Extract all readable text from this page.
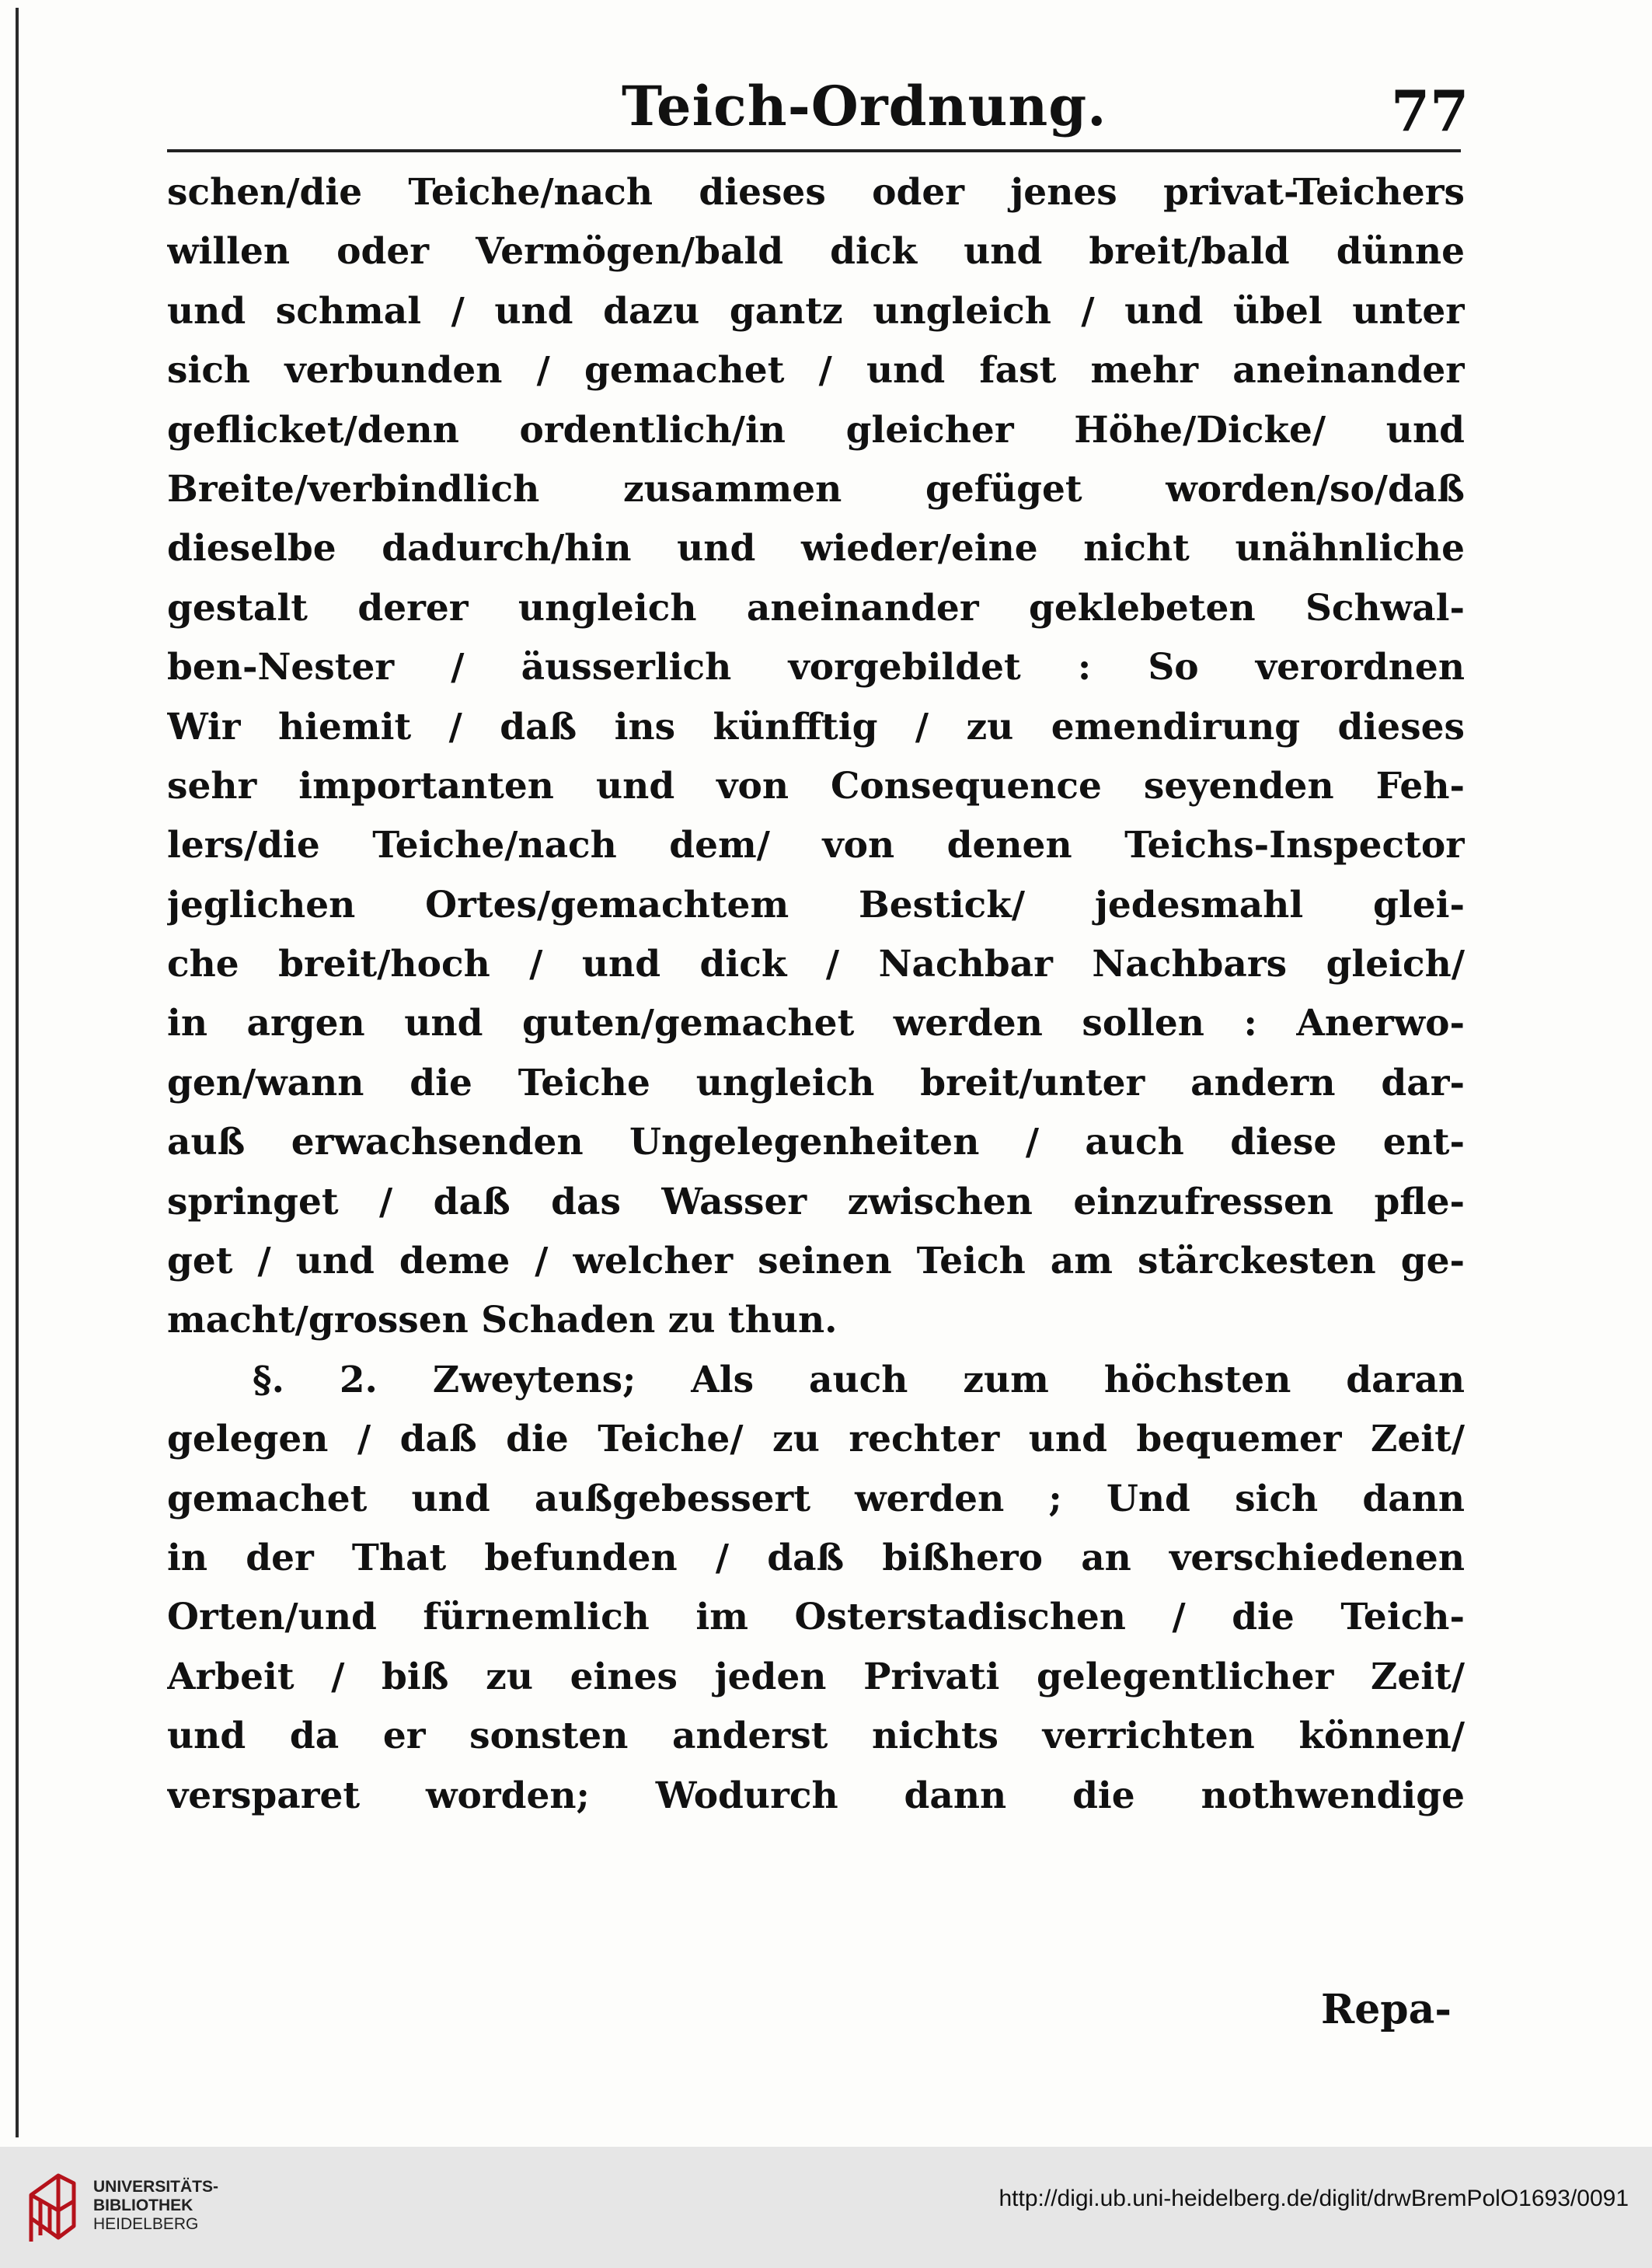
Teich-Ordnung.	77
schen/die Teiche/nach dieses oder jenes privat-Teichers
willen oder Vermögen/bald dick und breit/bald dünne
und schmal / und dazu gantz ungleich / und übel unter
sich verbunden / gemachet / und fast mehr aneinander
geflicket/denn ordentlich/in gleicher Höhe/Dicke/ und
Breite/verbindlich zusammen gefüget worden/so/daß
dieselbe dadurch/hin und wieder/eine nicht unähnliche
gestalt derer ungleich aneinander geklebeten Schwal-
ben-Nester / äusserlich vorgebildet : So verordnen
Wir hiemit / daß ins künfftig / zu emendirung dieses
sehr importanten und von Consequence seyenden Feh-
lers/die Teiche/nach dem/ von denen Teichs-Inspector
jeglichen Ortes/gemachtem Bestick/ jedesmahl glei-
che breit/hoch / und dick / Nachbar Nachbars gleich/
in argen und guten/gemachet werden sollen : Anerwo-
gen/wann die Teiche ungleich breit/unter andern dar-
auß erwachsenden Ungelegenheiten / auch diese ent-
springet / daß das Wasser zwischen einzufressen pfle-
get / und deme / welcher seinen Teich am stärckesten ge-
macht/grossen Schaden zu thun.
§. 2. Zweytens; Als auch zum höchsten daran
gelegen / daß die Teiche/ zu rechter und bequemer Zeit/
gemachet und außgebessert werden ; Und sich dann
in der That befunden / daß bißhero an verschiedenen
Orten/und fürnemlich im Osterstadischen / die Teich-
Arbeit / biß zu eines jeden Privati gelegentlicher Zeit/
und da er sonsten anderst nichts verrichten können/
versparet worden; Wodurch dann die nothwendige
Repa-
UNIVERSITÄTS-
BIBLIOTHEK
HEIDELBERG
http://digi.ub.uni-heidelberg.de/diglit/drwBremPolO1693/0091
